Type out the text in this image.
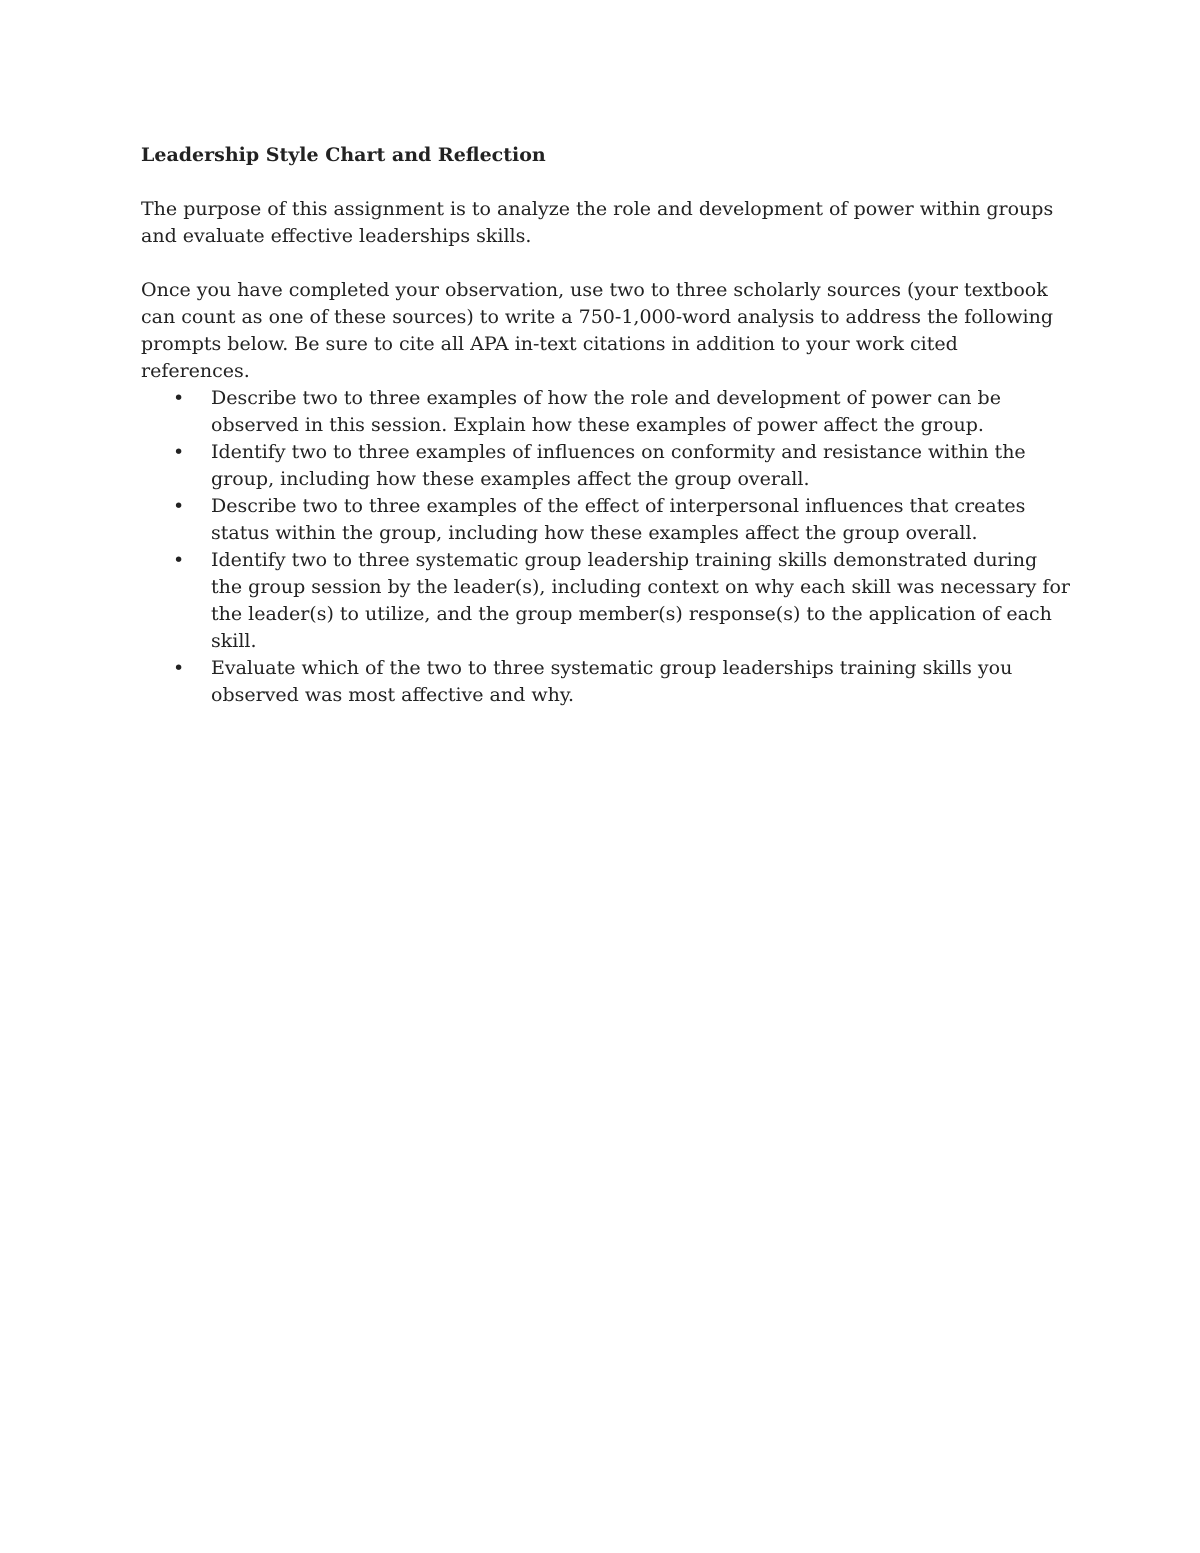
Leadership Style Chart and Reflection
The purpose of this assignment is to analyze the role and development of power within groups and evaluate effective leaderships skills.
Once you have completed your observation, use two to three scholarly sources (your textbook can count as one of these sources) to write a 750-1,000-word analysis to address the following prompts below. Be sure to cite all APA in-text citations in addition to your work cited references.
• Describe two to three examples of how the role and development of power can be observed in this session. Explain how these examples of power affect the group.
• Identify two to three examples of influences on conformity and resistance within the group, including how these examples affect the group overall.
• Describe two to three examples of the effect of interpersonal influences that creates status within the group, including how these examples affect the group overall.
• Identify two to three systematic group leadership training skills demonstrated during the group session by the leader(s), including context on why each skill was necessary for the leader(s) to utilize, and the group member(s) response(s) to the application of each skill.
• Evaluate which of the two to three systematic group leaderships training skills you observed was most affective and why.
